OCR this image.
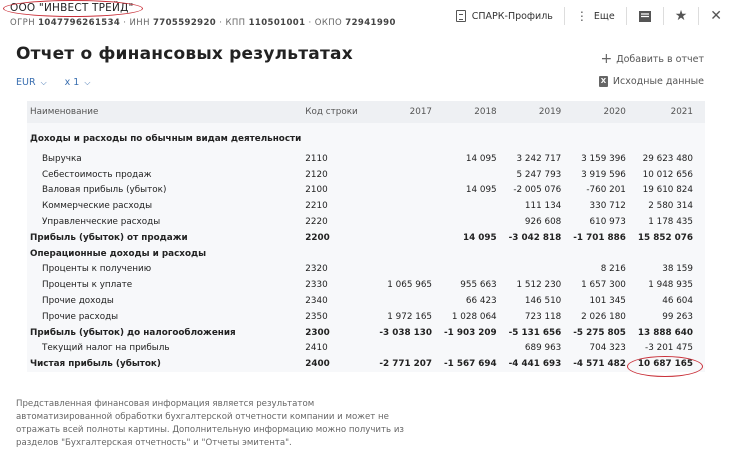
ООО "ИНВЕСТ ТРЕЙД"
ОГРН 1047796261534 · ИНН 7705592920 · КПП 110501001 · ОКПО 72941990
СПАРК-Профиль ⋮ Еще	★ ✕
Отчет о финансовых результатах
EUR ⌵ x 1 ⌵
+ Добавить в отчет
X Исходные данные
Наименование	Код строки	2017	2018	2019	2020	2021
Доходы и расходы по обычным видам деятельности						
Выручка	2110		14 095	3 242 717	3 159 396	29 623 480
Себестоимость продаж	2120			5 247 793	3 919 596	10 012 656
Валовая прибыль (убыток)	2100		14 095	-2 005 076	-760 201	19 610 824
Коммерческие расходы	2210			111 134	330 712	2 580 314
Управленческие расходы	2220			926 608	610 973	1 178 435
Прибыль (убыток) от продажи	2200		14 095	-3 042 818	-1 701 886	15 852 076
Операционные доходы и расходы						
Проценты к получению	2320				8 216	38 159
Проценты к уплате	2330	1 065 965	955 663	1 512 230	1 657 300	1 948 935
Прочие доходы	2340		66 423	146 510	101 345	46 604
Прочие расходы	2350	1 972 165	1 028 064	723 118	2 026 180	99 263
Прибыль (убыток) до налогообложения	2300	-3 038 130	-1 903 209	-5 131 656	-5 275 805	13 888 640
Текущий налог на прибыль	2410			689 963	704 323	-3 201 475
Чистая прибыль (убыток)	2400	-2 771 207	-1 567 694	-4 441 693	-4 571 482	10 687 165
Представленная финансовая информация является результатом автоматизированной обработки бухгалтерской отчетности компании и может не отражать всей полноты картины. Дополнительную информацию можно получить из разделов "Бухгалтерская отчетность" и "Отчеты эмитента".
